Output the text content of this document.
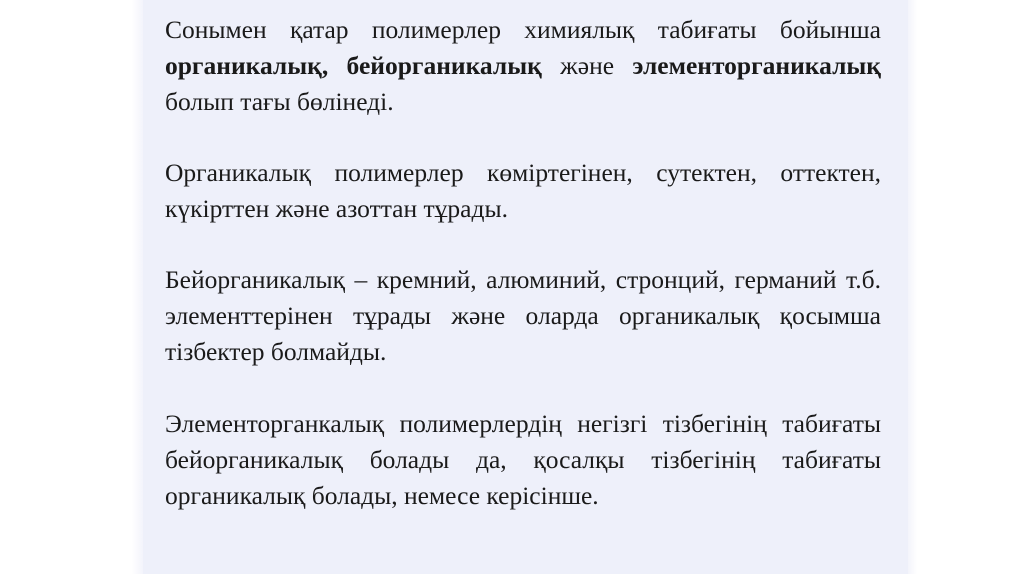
Сонымен қатар полимерлер химиялық табиғаты бойынша органикалық, бейорганикалық және элементорганикалық болып тағы бөлінеді.

Органикалық полимерлер көміртегінен, сутектен, оттектен, күкірттен және азоттан тұрады.

Бейорганикалық – кремний, алюминий, стронций, германий т.б. элементтерінен тұрады және оларда органикалық қосымша тізбектер болмайды.

Элементорганкалық полимерлердің негізгі тізбегінің табиғаты бейорганикалық болады да, қосалқы тізбегінің табиғаты органикалық болады, немесе керісінше.
